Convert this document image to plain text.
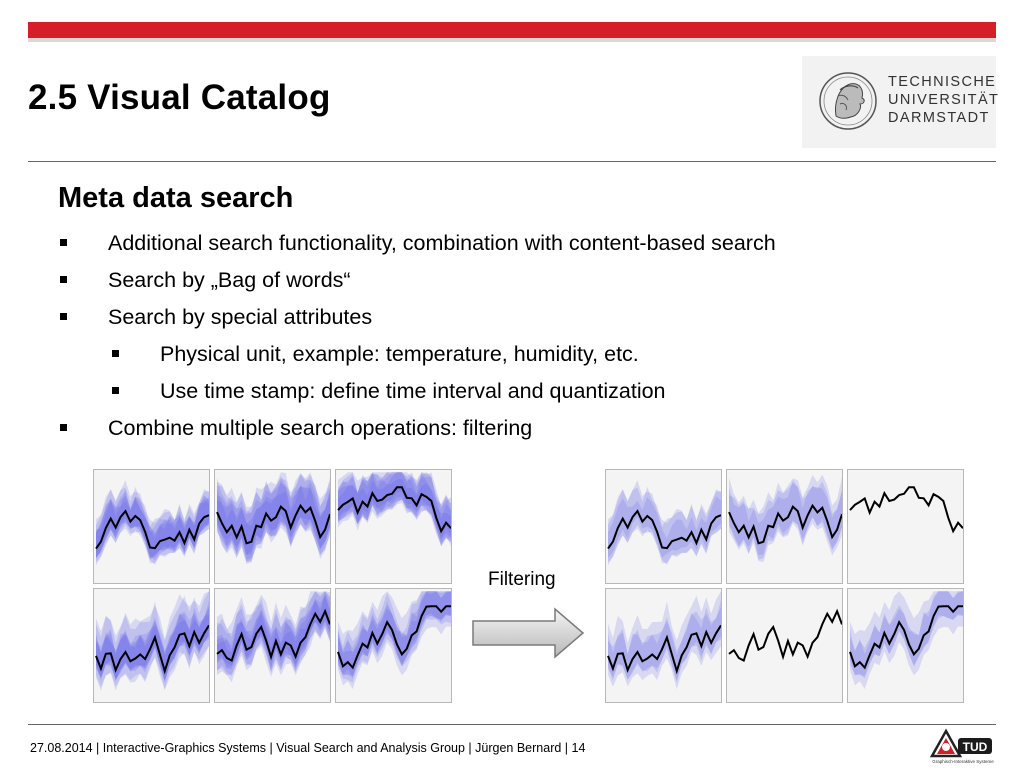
2.5 Visual Catalog	TECHNISCHE
UNIVERSITÄT
DARMSTADT
Meta data search
Additional search functionality, combination with content-based search
Search by „Bag of words“
Search by special attributes
Physical unit, example: temperature, humidity, etc.
Use time stamp: define time interval and quantization
Combine multiple search operations: filtering
Filtering
27.08.2014 | Interactive-Graphics Systems | Visual Search and Analysis Group | Jürgen Bernard | 14	TUD
Graphisch-Interaktive Systeme
